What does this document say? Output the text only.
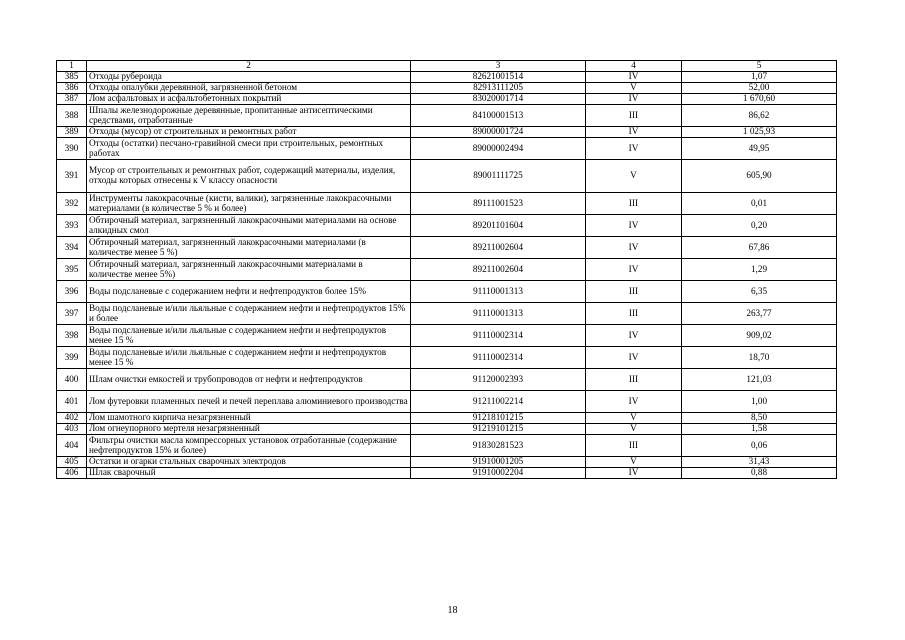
1	2	3	4	5
385	Отходы рубероида	82621001514	IV	1,07
386	Отходы опалубки деревянной, загрязненной бетоном	82913111205	V	52,00
387	Лом асфальтовых и асфальтобетонных покрытий	83020001714	IV	1 670,60
388	Шпалы железнодорожные деревянные, пропитанные антисептическими средствами, отработанные	84100001513	III	86,62
389	Отходы (мусор) от строительных и ремонтных работ	89000001724	IV	1 025,93
390	Отходы (остатки) песчано-гравийной смеси при строительных, ремонтных работах	89000002494	IV	49,95
391	Мусор от строительных и ремонтных работ, содержащий материалы, изделия, отходы которых отнесены к V классу опасности	89001111725	V	605,90
392	Инструменты лакокрасочные (кисти, валики), загрязненные лакокрасочными материалами (в количестве 5 % и более)	89111001523	III	0,01
393	Обтирочный материал, загрязненный лакокрасочными материалами на основе алкидных смол	89201101604	IV	0,20
394	Обтирочный материал, загрязненный лакокрасочными материалами (в количестве менее 5 %)	89211002604	IV	67,86
395	Обтирочный материал, загрязненный лакокрасочными материалами в количестве менее 5%)	89211002604	IV	1,29
396	Воды подсланевые с содержанием нефти и нефтепродуктов более 15%	91110001313	III	6,35
397	Воды подсланевые и/или льяльные с содержанием нефти и нефтепродуктов 15% и более	91110001313	III	263,77
398	Воды подсланевые и/или льяльные с содержанием нефти и нефтепродуктов менее 15 %	91110002314	IV	909,02
399	Воды подсланевые и/или льяльные с содержанием нефти и нефтепродуктов менее 15 %	91110002314	IV	18,70
400	Шлам очистки емкостей и трубопроводов от нефти и нефтепродуктов	91120002393	III	121,03
401	Лом футеровки пламенных печей и печей переплава алюминиевого производства	91211002214	IV	1,00
402	Лом шамотного кирпича незагрязненный	91218101215	V	8,50
403	Лом огнеупорного мертеля незагрязненный	91219101215	V	1,58
404	Фильтры очистки масла компрессорных установок отработанные (содержание нефтепродуктов 15% и более)	91830281523	III	0,06
405	Остатки и огарки стальных сварочных электродов	91910001205	V	31,43
406	Шлак сварочный	91910002204	IV	0,88
18
